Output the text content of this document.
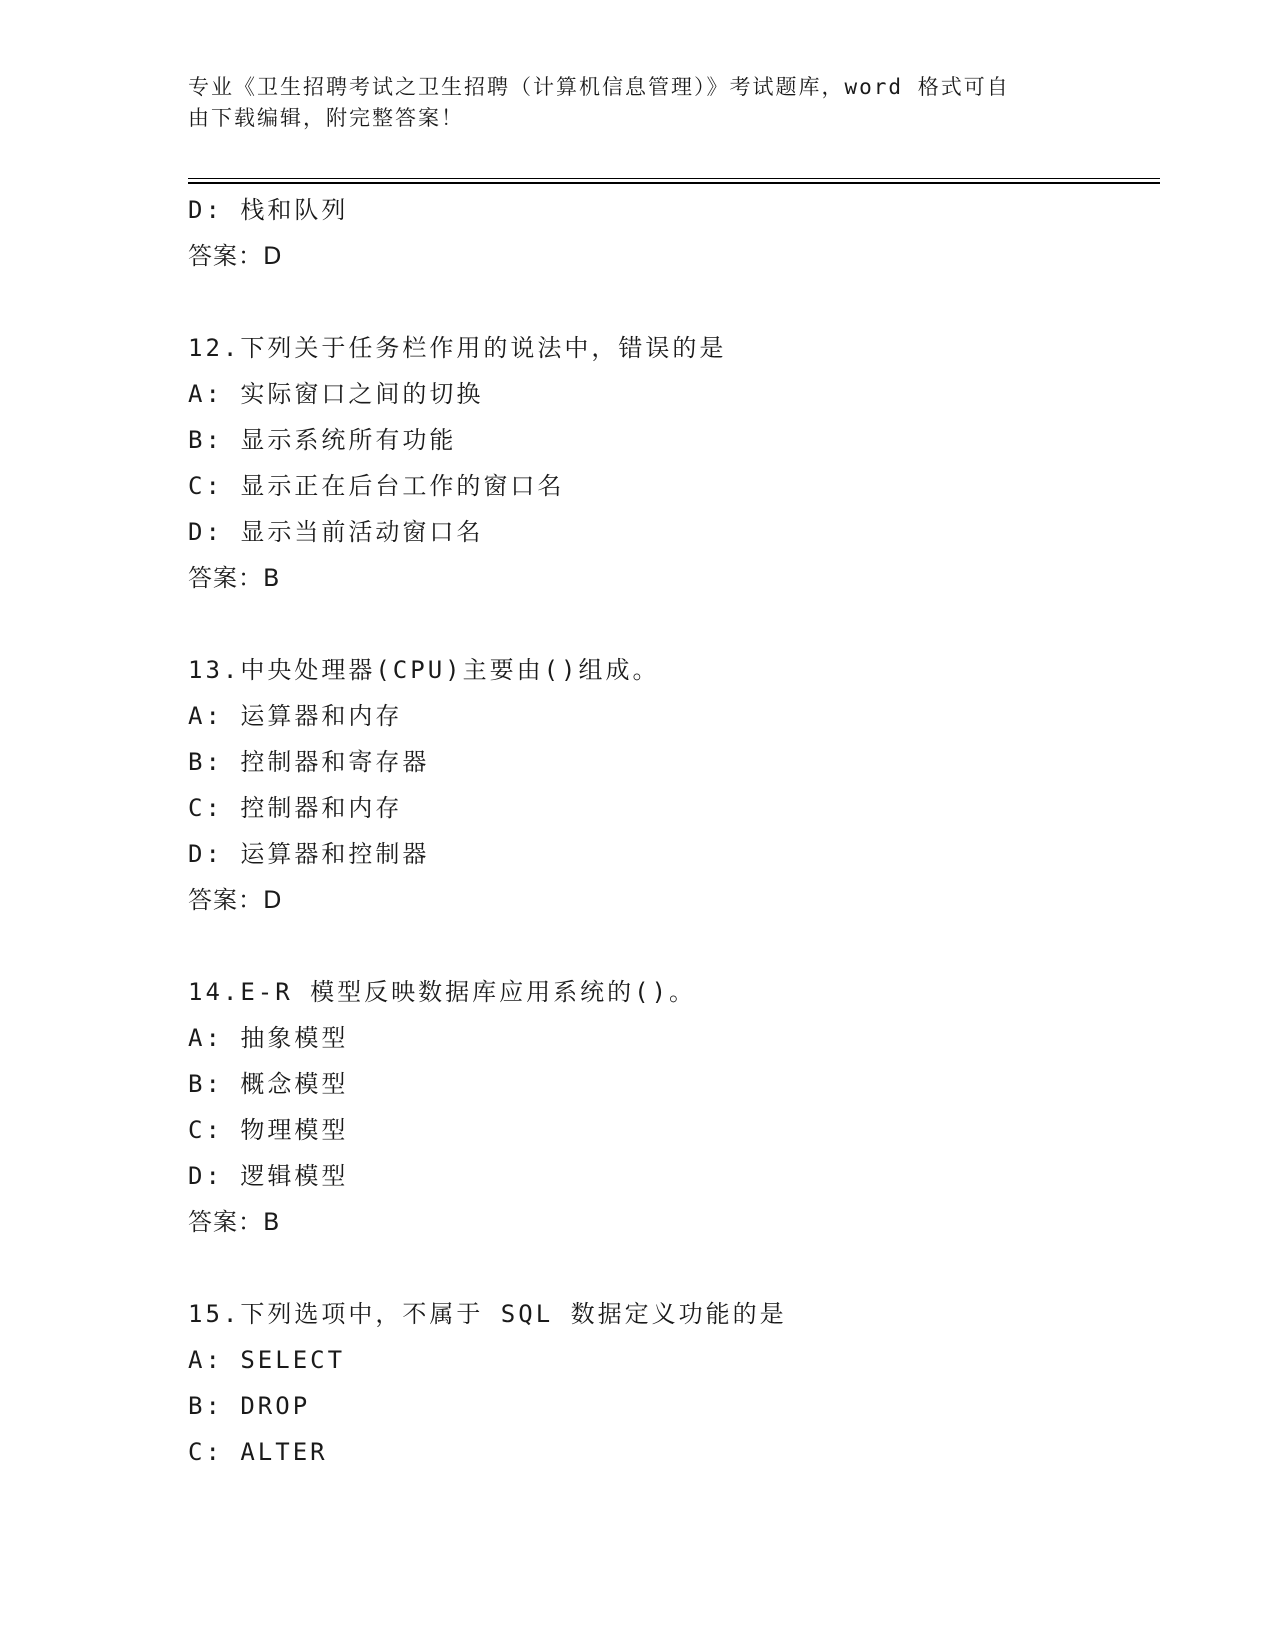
专业《卫生招聘考试之卫生招聘（计算机信息管理）》考试题库，word 格式可自
由下载编辑，附完整答案！
D: 栈和队列
答案：D
12.下列关于任务栏作用的说法中，错误的是
A: 实际窗口之间的切换
B: 显示系统所有功能
C: 显示正在后台工作的窗口名
D: 显示当前活动窗口名
答案：B
13.中央处理器(CPU)主要由()组成。
A: 运算器和内存
B: 控制器和寄存器
C: 控制器和内存
D: 运算器和控制器
答案：D
14.E-R 模型反映数据库应用系统的()。
A: 抽象模型
B: 概念模型
C: 物理模型
D: 逻辑模型
答案：B
15.下列选项中，不属于 SQL 数据定义功能的是
A: SELECT
B: DROP
C: ALTER
